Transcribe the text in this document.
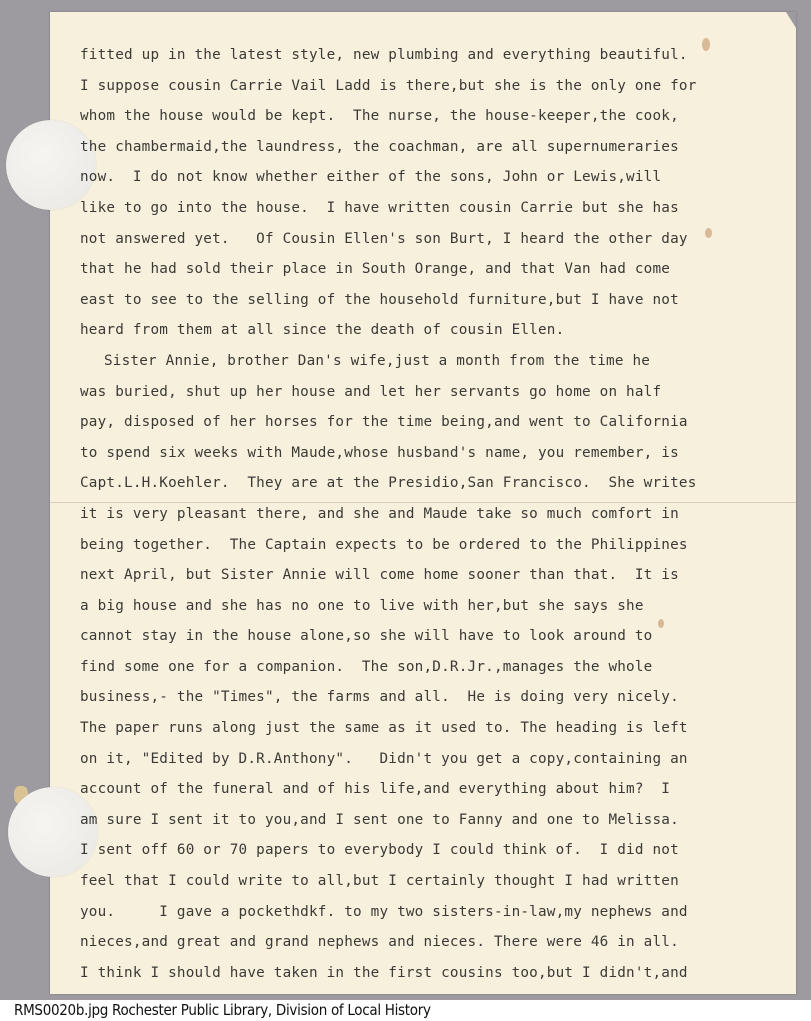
fitted up in the latest style, new plumbing and everything beautiful.
I suppose cousin Carrie Vail Ladd is there,but she is the only one for
whom the house would be kept.  The nurse, the house-keeper,the cook,
the chambermaid,the laundress, the coachman, are all supernumeraries
now.  I do not know whether either of the sons, John or Lewis,will
like to go into the house.  I have written cousin Carrie but she has
not answered yet.   Of Cousin Ellen's son Burt, I heard the other day
that he had sold their place in South Orange, and that Van had come
east to see to the selling of the household furniture,but I have not
heard from them at all since the death of cousin Ellen.
Sister Annie, brother Dan's wife,just a month from the time he
was buried, shut up her house and let her servants go home on half
pay, disposed of her horses for the time being,and went to California
to spend six weeks with Maude,whose husband's name, you remember, is
Capt.L.H.Koehler.  They are at the Presidio,San Francisco.  She writes
it is very pleasant there, and she and Maude take so much comfort in
being together.  The Captain expects to be ordered to the Philippines
next April, but Sister Annie will come home sooner than that.  It is
a big house and she has no one to live with her,but she says she
cannot stay in the house alone,so she will have to look around to
find some one for a companion.  The son,D.R.Jr.,manages the whole
business,- the "Times", the farms and all.  He is doing very nicely.
The paper runs along just the same as it used to. The heading is left
on it, "Edited by D.R.Anthony".   Didn't you get a copy,containing an
account of the funeral and of his life,and everything about him?  I
am sure I sent it to you,and I sent one to Fanny and one to Melissa.
I sent off 60 or 70 papers to everybody I could think of.  I did not
feel that I could write to all,but I certainly thought I had written
you.     I gave a pockethdkf. to my two sisters-in-law,my nephews and
nieces,and great and grand nephews and nieces. There were 46 in all.
I think I should have taken in the first cousins too,but I didn't,and
RMS0020b.jpg Rochester Public Library, Division of Local History
